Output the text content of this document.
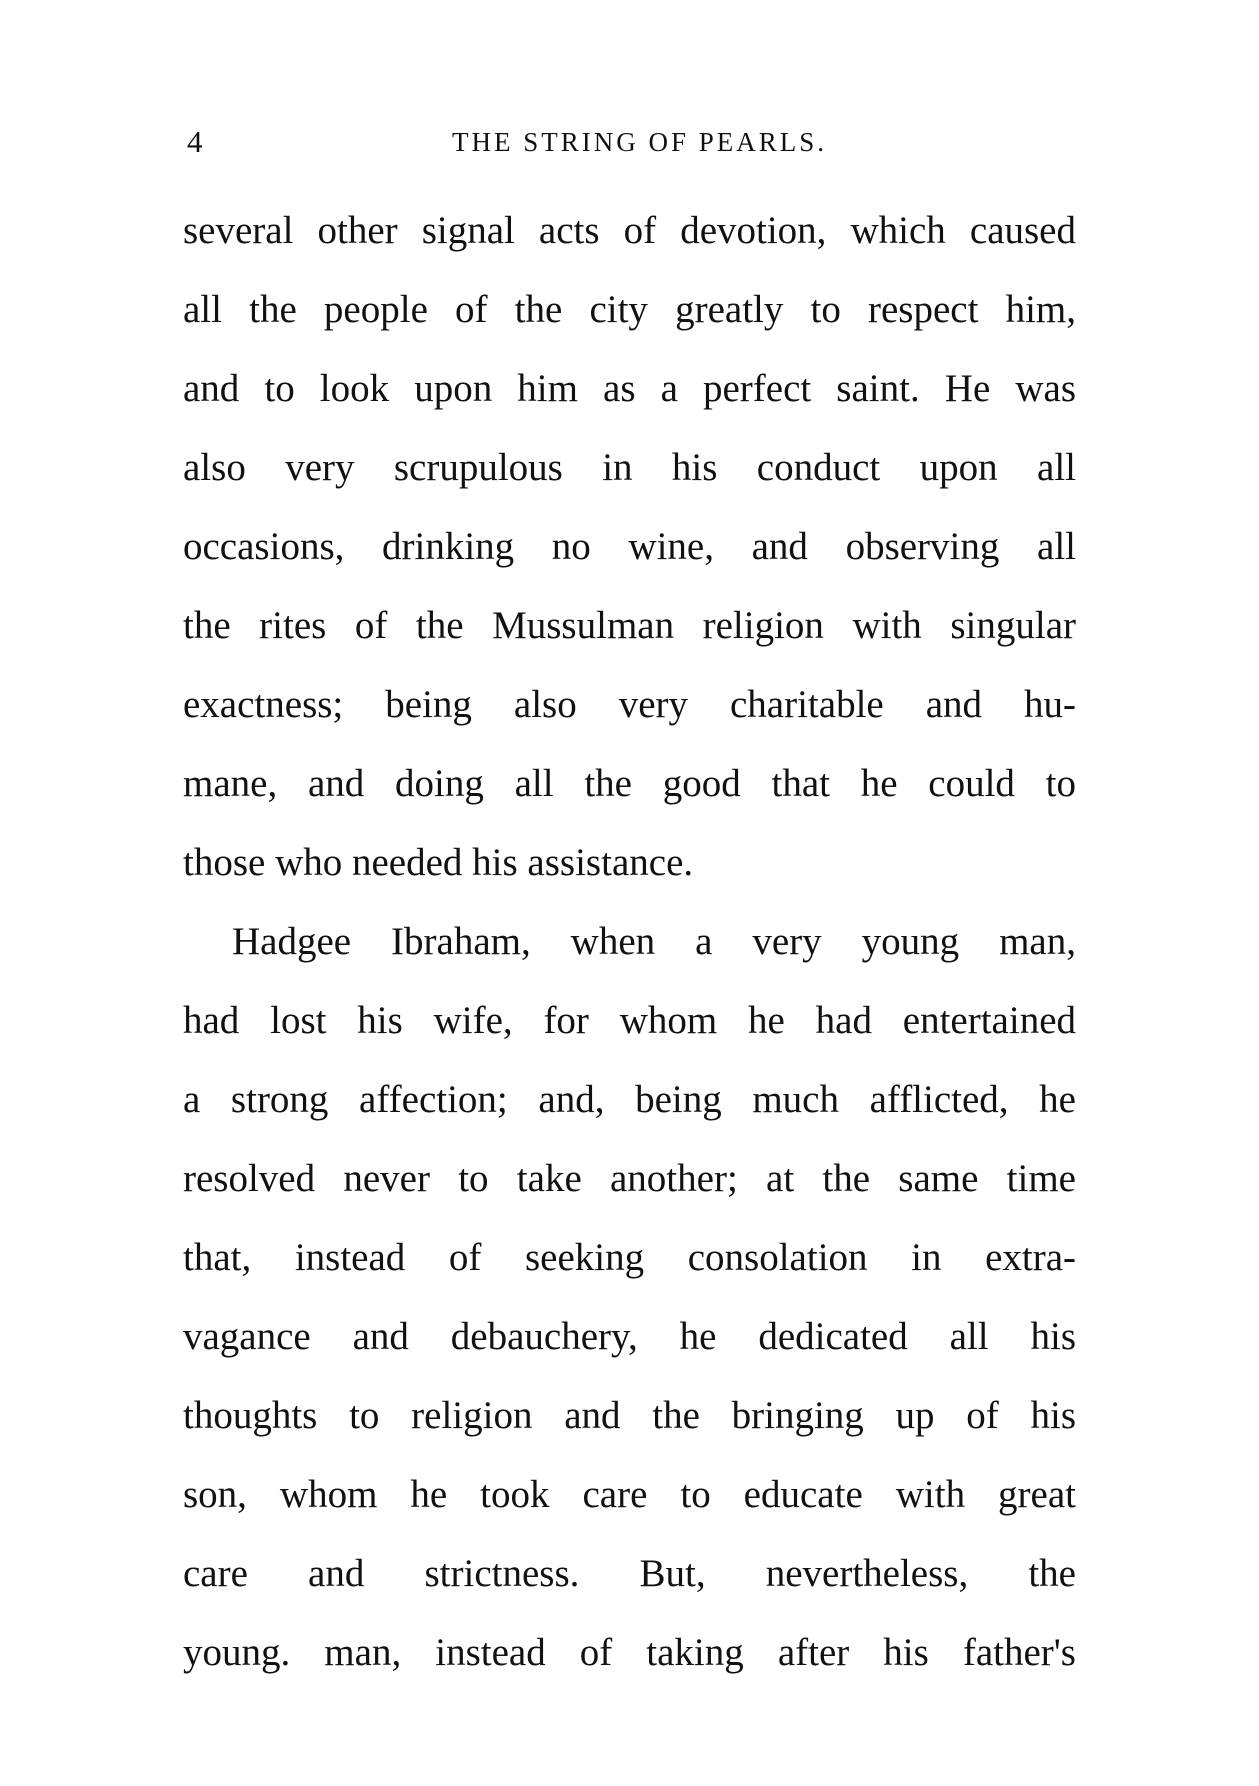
4	THE STRING OF PEARLS.
several other signal acts of devotion, which caused
all the people of the city greatly to respect him,
and to look upon him as a perfect saint. He was
also very scrupulous in his conduct upon all
occasions, drinking no wine, and observing all
the rites of the Mussulman religion with singular
exactness; being also very charitable and hu-
mane, and doing all the good that he could to
those who needed his assistance.
Hadgee Ibraham, when a very young man,
had lost his wife, for whom he had entertained
a strong affection; and, being much afflicted, he
resolved never to take another; at the same time
that, instead of seeking consolation in extra-
vagance and debauchery, he dedicated all his
thoughts to religion and the bringing up of his
son, whom he took care to educate with great
care and strictness. But, nevertheless, the
young. man, instead of taking after his father's
